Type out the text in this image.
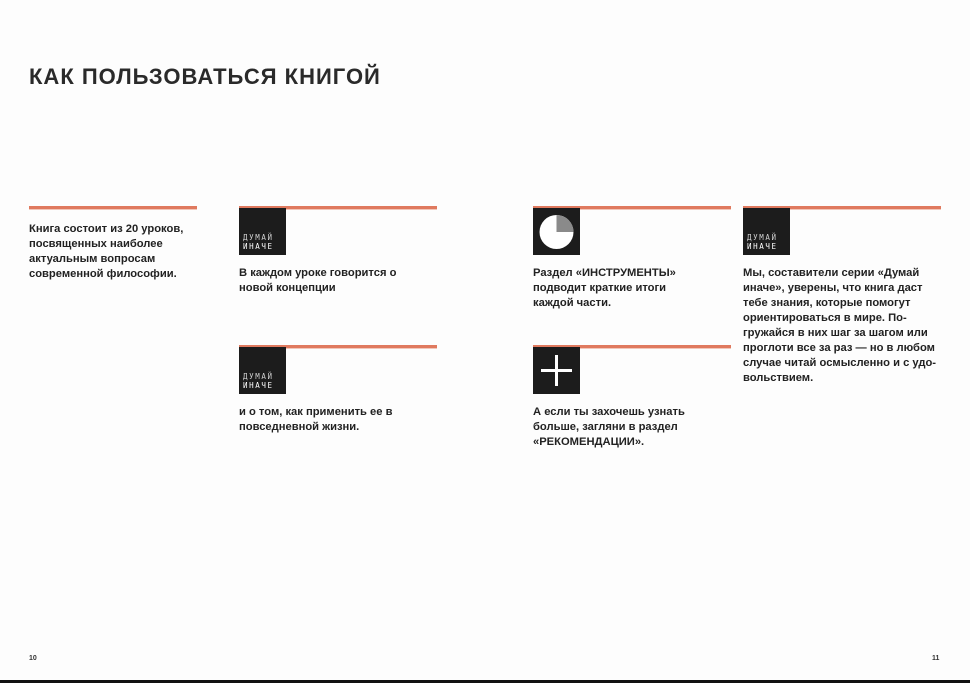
КАК ПОЛЬЗОВАТЬСЯ КНИГОЙ
Книга состоит из 20 уроков, посвященных наиболее актуальным вопросам современной философии.
ДУМАЙ
ИНАЧЕ
В каждом уроке говорится о новой концепции
ДУМАЙ
ИНАЧЕ
и о том, как применить ее в повседневной жизни.
Раздел «ИНСТРУМЕНТЫ» подводит краткие итоги каждой части.
А если ты захочешь узнать больше, загляни в раздел «РЕКОМЕНДАЦИИ».
ДУМАЙ
ИНАЧЕ
Мы, составители серии «Думай иначе», уверены, что книга даст тебе знания, которые помогут ориентироваться в мире. По-гружайся в них шаг за шагом или проглоти все за раз — но в любом случае читай осмысленно и с удо-вольствием.
10	11
